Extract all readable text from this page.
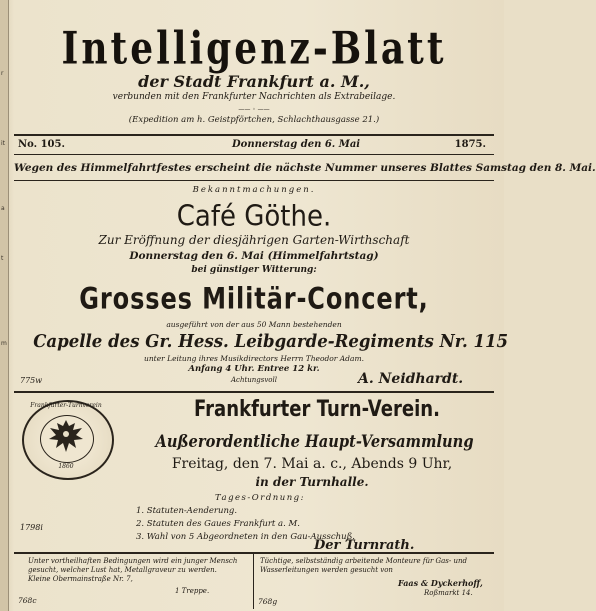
r
it
a
t
m
Intelligenz-Blatt
der Stadt Frankfurt a. M.,
verbunden mit den Frankfurter Nachrichten als Extrabeilage.
—— ◦ ——
(Expedition am h. Geistpförtchen, Schlachthausgasse 21.)
No. 105.	Donnerstag den 6. Mai	1875.
Wegen des Himmelfahrtfestes erscheint die nächste Nummer unseres Blattes Samstag den 8. Mai.
Bekanntmachungen.
Café Göthe.
Zur Eröffnung der diesjährigen Garten-Wirthschaft
Donnerstag den 6. Mai (Himmelfahrtstag)
bei günstiger Witterung:
Grosses Militär-Concert,
ausgeführt von der aus 50 Mann bestehenden
Capelle des Gr. Hess. Leibgarde-Regiments Nr. 115
unter Leitung ihres Musikdirectors Herrn Theodor Adam.
Anfang 4 Uhr. Entree 12 kr.
Achtungsvoll
775w	A. Neidhardt.
Frankfurter-Turnverein
1860
Frankfurter Turn-Verein.
Außerordentliche Haupt-Versammlung
Freitag, den 7. Mai a. c., Abends 9 Uhr,
in der Turnhalle.
Tages-Ordnung:
1. Statuten-Aenderung.
2. Statuten des Gaues Frankfurt a. M.
3. Wahl von 5 Abgeordneten in den Gau-Ausschuß.
1798i
Der Turnrath.
Unter vortheilhaften Bedingungen wird ein junger Mensch
gesucht, welcher Lust hat, Metallgraveur zu werden.
Kleine Obermainstraße Nr. 7,
1 Treppe.
768c
Tüchtige, selbstständig arbeitende Monteure für Gas- und
Wasserleitungen werden gesucht von
Faas & Dyckerhoff,
Roßmarkt 14.
768g
